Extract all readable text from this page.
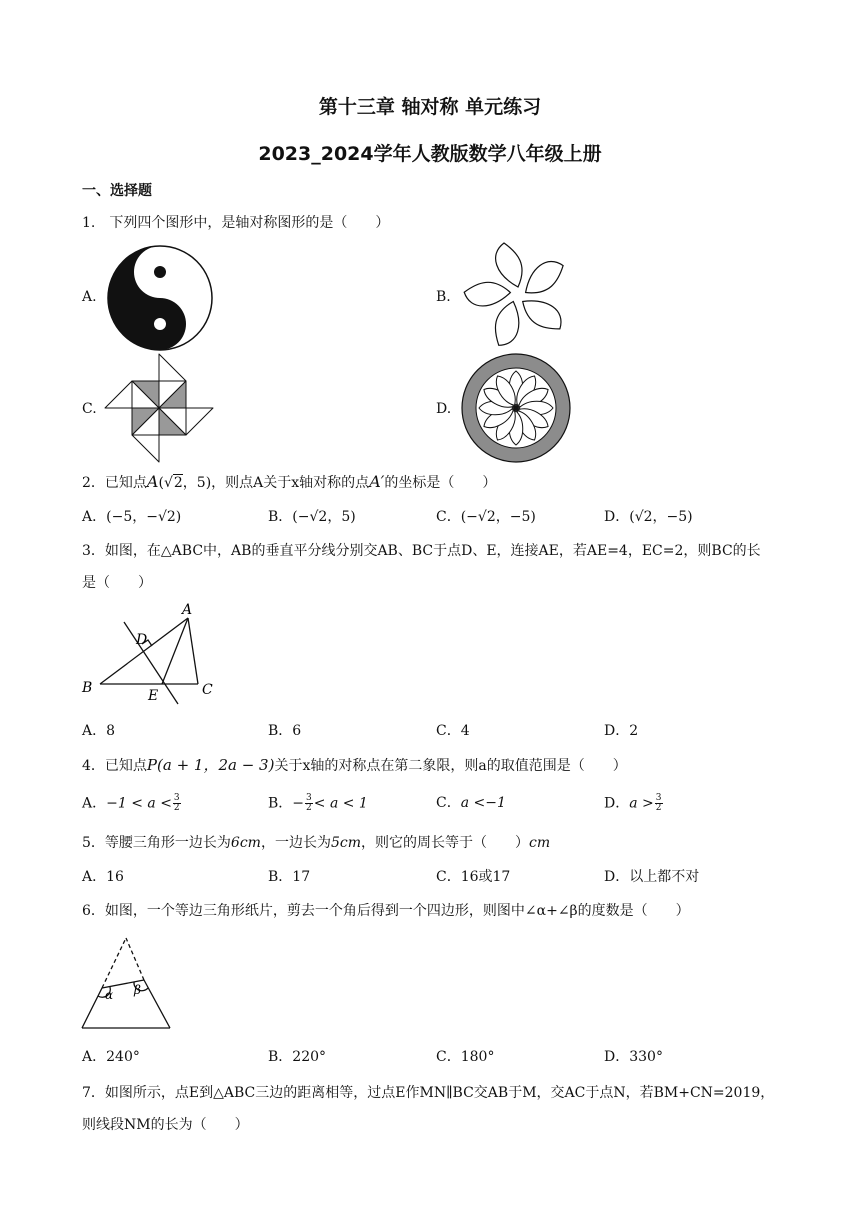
第十三章 轴对称 单元练习
2023_2024学年人教版数学八年级上册
一、选择题
1.　下列四个图形中，是轴对称图形的是（　　）
A.	B.
C.	D.
2．已知点A(√2，5)，则点A关于x轴对称的点A′的坐标是（　　）
A．(−5，−√2)	B．(−√2，5)	C．(−√2，−5)	D．(√2，−5)
3．如图，在△ABC中，AB的垂直平分线分别交AB、BC于点D、E，连接AE，若AE=4，EC=2，则BC的长
是（　　）
A
B	C
D
E
A．8	B．6	C．4	D．2
4．已知点P(a + 1，2a − 3)关于x轴的对称点在第二象限，则a的取值范围是（　　）
A．$-1 < a < \frac{3}{2}$	B．− $\frac{3}{2} < a < 1$	C．a <−1	D．$a > \frac{3}{2}$
5．等腰三角形一边长为6cm，一边长为5cm，则它的周长等于（　　）cm
A．16	B．17	C．16或17	D．以上都不对
6．如图，一个等边三角形纸片，剪去一个角后得到一个四边形，则图中∠α+∠β的度数是（　　）
α β
A．240°	B．220°	C．180°	D．330°
7．如图所示，点E到△ABC三边的距离相等，过点E作MN∥BC交AB于M，交AC于点N，若BM+CN=2019，
则线段NM的长为（　　）
